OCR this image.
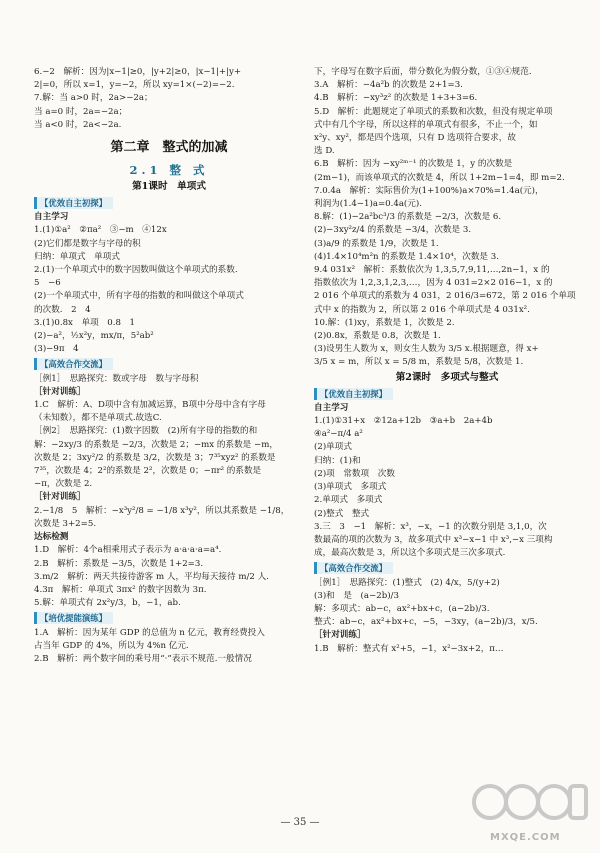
6.−2　解析：因为|x−1|≥0，|y+2|≥0，|x−1|+|y+
2|=0，所以 x=1，y=−2，所以 xy=1×(−2)=−2.
7.解：当 a>0 时，2a>−2a；
当 a=0 时，2a=−2a；
当 a<0 时，2a<−2a.
第二章　整式的加减
2.1 整 式
第1课时　单项式
【优效自主初探】
自主学习
1.(1)①a²　②πa²　③−m　④12x
(2)它们都是数字与字母的积
归纳：单项式　单项式
2.(1)一个单项式中的数字因数叫做这个单项式的系数.
5　−6
(2)一个单项式中，所有字母的指数的和叫做这个单项式
的次数.　2　4
3.(1)0.8x　单项　0.8　1
(2)−a²，½x²y，mx/π，5²ab²
(3)−9π　4
【高效合作交流】
［例1］　思路探究：数或字母　数与字母积
［针对训练］
1.C　解析：A、D项中含有加减运算，B项中分母中含有字母
（未知数），都不是单项式.故选C.
［例2］　思路探究：(1)数字因数　(2)所有字母的指数的和
解：−2xy/3 的系数是 −2/3，次数是 2；−mx 的系数是 −m，
次数是 2；3xy²/2 的系数是 3/2，次数是 3；7³⁵xyz² 的系数是
7³⁵，次数是 4；2²的系数是 2²，次数是 0；−πr² 的系数是
−π，次数是 2.
［针对训练］
2.−1/8　5　解析：−x³y²/8 = −1/8 x³y²，所以其系数是 −1/8，
次数是 3+2=5.
达标检测
1.D　解析：4个a相乘用式子表示为 a·a·a·a=a⁴.
2.B　解析：系数是 −3/5，次数是 1+2=3.
3.m/2　解析：两天共接待游客 m 人，平均每天接待 m/2 人.
4.3π　解析：单项式 3πx² 的数字因数为 3π.
5.解：单项式有 2x²y/3，b，−1，ab.
【培优提能演练】
1.A　解析：因为某年 GDP 的总值为 n 亿元，教育经费投入
占当年 GDP 的 4%，所以为 4%n 亿元.
2.B　解析：两个数字间的乘号用“·”表示不规范.一般情况
下，字母写在数字后面，带分数化为假分数，①③④规范.
3.A　解析：−4a²b 的次数是 2+1=3.
4.B　解析：−xy³z² 的次数是 1+3+3=6.
5.D　解析：此题规定了单项式的系数和次数，但没有规定单项
式中有几个字母，所以这样的单项式有很多，不止一个，如
x²y、xy²，都是四个选项，只有 D 选项符合要求，故
选 D.
6.B　解析：因为 −xy²ᵐ⁻¹ 的次数是 1，y 的次数是
(2m−1)，而该单项式的次数是 4，所以 1+2m−1=4，即 m=2.
7.0.4a　解析：实际售价为(1+100%)a×70%=1.4a(元)，
利润为(1.4−1)a=0.4a(元).
8.解：(1)−2a²bc³/3 的系数是 −2/3，次数是 6.
(2)−3xy²z/4 的系数是 −3/4，次数是 3.
(3)a/9 的系数是 1/9，次数是 1.
(4)1.4×10⁴m²n 的系数是 1.4×10⁴，次数是 3.
9.4 031x²　解析：系数依次为 1,3,5,7,9,11,…,2n−1，x 的
指数依次为 1,2,3,1,2,3,…，因为 4 031=2×2 016−1，x 的
2 016 个单项式的系数为 4 031，2 016/3=672，第 2 016 个单项
式中 x 的指数为 2，所以第 2 016 个单项式是 4 031x².
10.解：(1)xy，系数是 1，次数是 2.
(2)0.8x，系数是 0.8，次数是 1.
(3)设男生人数为 x，则女生人数为 3/5 x.根据题意，得 x+
3/5 x = m，所以 x = 5/8 m，系数是 5/8，次数是 1.
第2课时　多项式与整式
【优效自主初探】
自主学习
1.(1)①31+x　②12a+12b　③a+b　2a+4b
④a²−π/4 a²
(2)单项式
归纳：(1)和
(2)项　常数项　次数
(3)单项式　多项式
2.单项式　多项式
(2)整式　整式
3.三　3　−1　解析：x³，−x，−1 的次数分别是 3,1,0，次
数最高的项的次数为 3，故多项式中 x³−x−1 中 x³,−x 三项构
成，最高次数是 3，所以这个多项式是三次多项式.
【高效合作交流】
［例1］　思路探究：(1)整式　(2) 4/x，5/(y+2)
(3)和　是　(a−2b)/3
解：多项式：ab−c，ax²+bx+c，(a−2b)/3.
整式：ab−c，ax²+bx+c，−5，−3xy，(a−2b)/3，x/5.
［针对训练］
1.B　解析：整式有 x²+5，−1，x²−3x+2，π…
MXQE.COM
— 35 —
